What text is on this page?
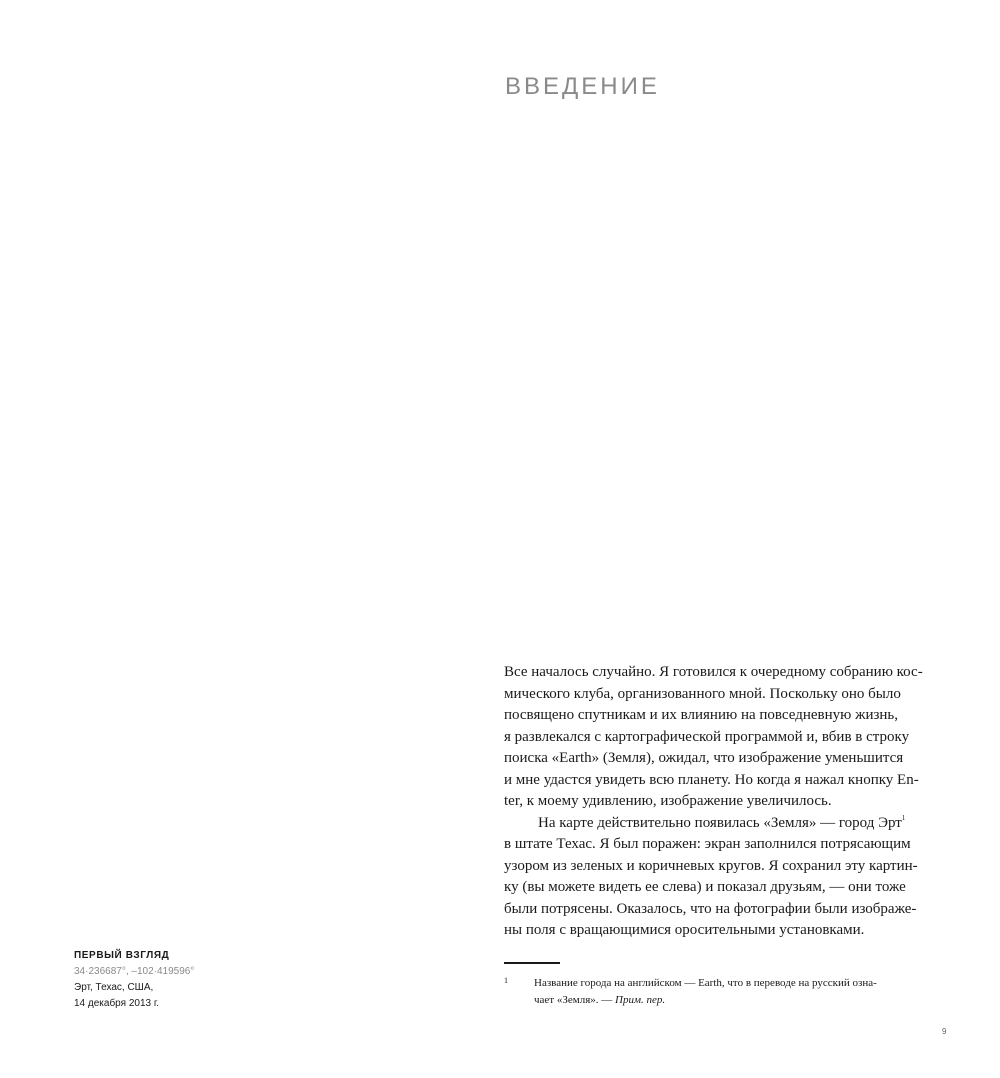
ВВЕДЕНИЕ
Все началось случайно. Я готовился к очередному собранию кос-
мического клуба, организованного мной. Поскольку оно было
посвящено спутникам и их влиянию на повседневную жизнь,
я развлекался с картографической программой и, вбив в строку
поиска «Earth» (Земля), ожидал, что изображение уменьшится
и мне удастся увидеть всю планету. Но когда я нажал кнопку En-
ter, к моему удивлению, изображение увеличилось.
На карте действительно появилась «Земля» — город Эрт$^1$
в штате Техас. Я был поражен: экран заполнился потрясающим
узором из зеленых и коричневых кругов. Я сохранил эту картин-
ку (вы можете видеть ее слева) и показал друзьям, — они тоже
были потрясены. Оказалось, что на фотографии были изображе-
ны поля с вращающимися оросительными установками.
1 Название города на английском — Earth, что в переводе на русский озна-
чает «Земля». — Прим. пер.
ПЕРВЫЙ ВЗГЛЯД
34·236687°, –102·419596°
Эрт, Техас, США,
14 декабря 2013 г.
9
